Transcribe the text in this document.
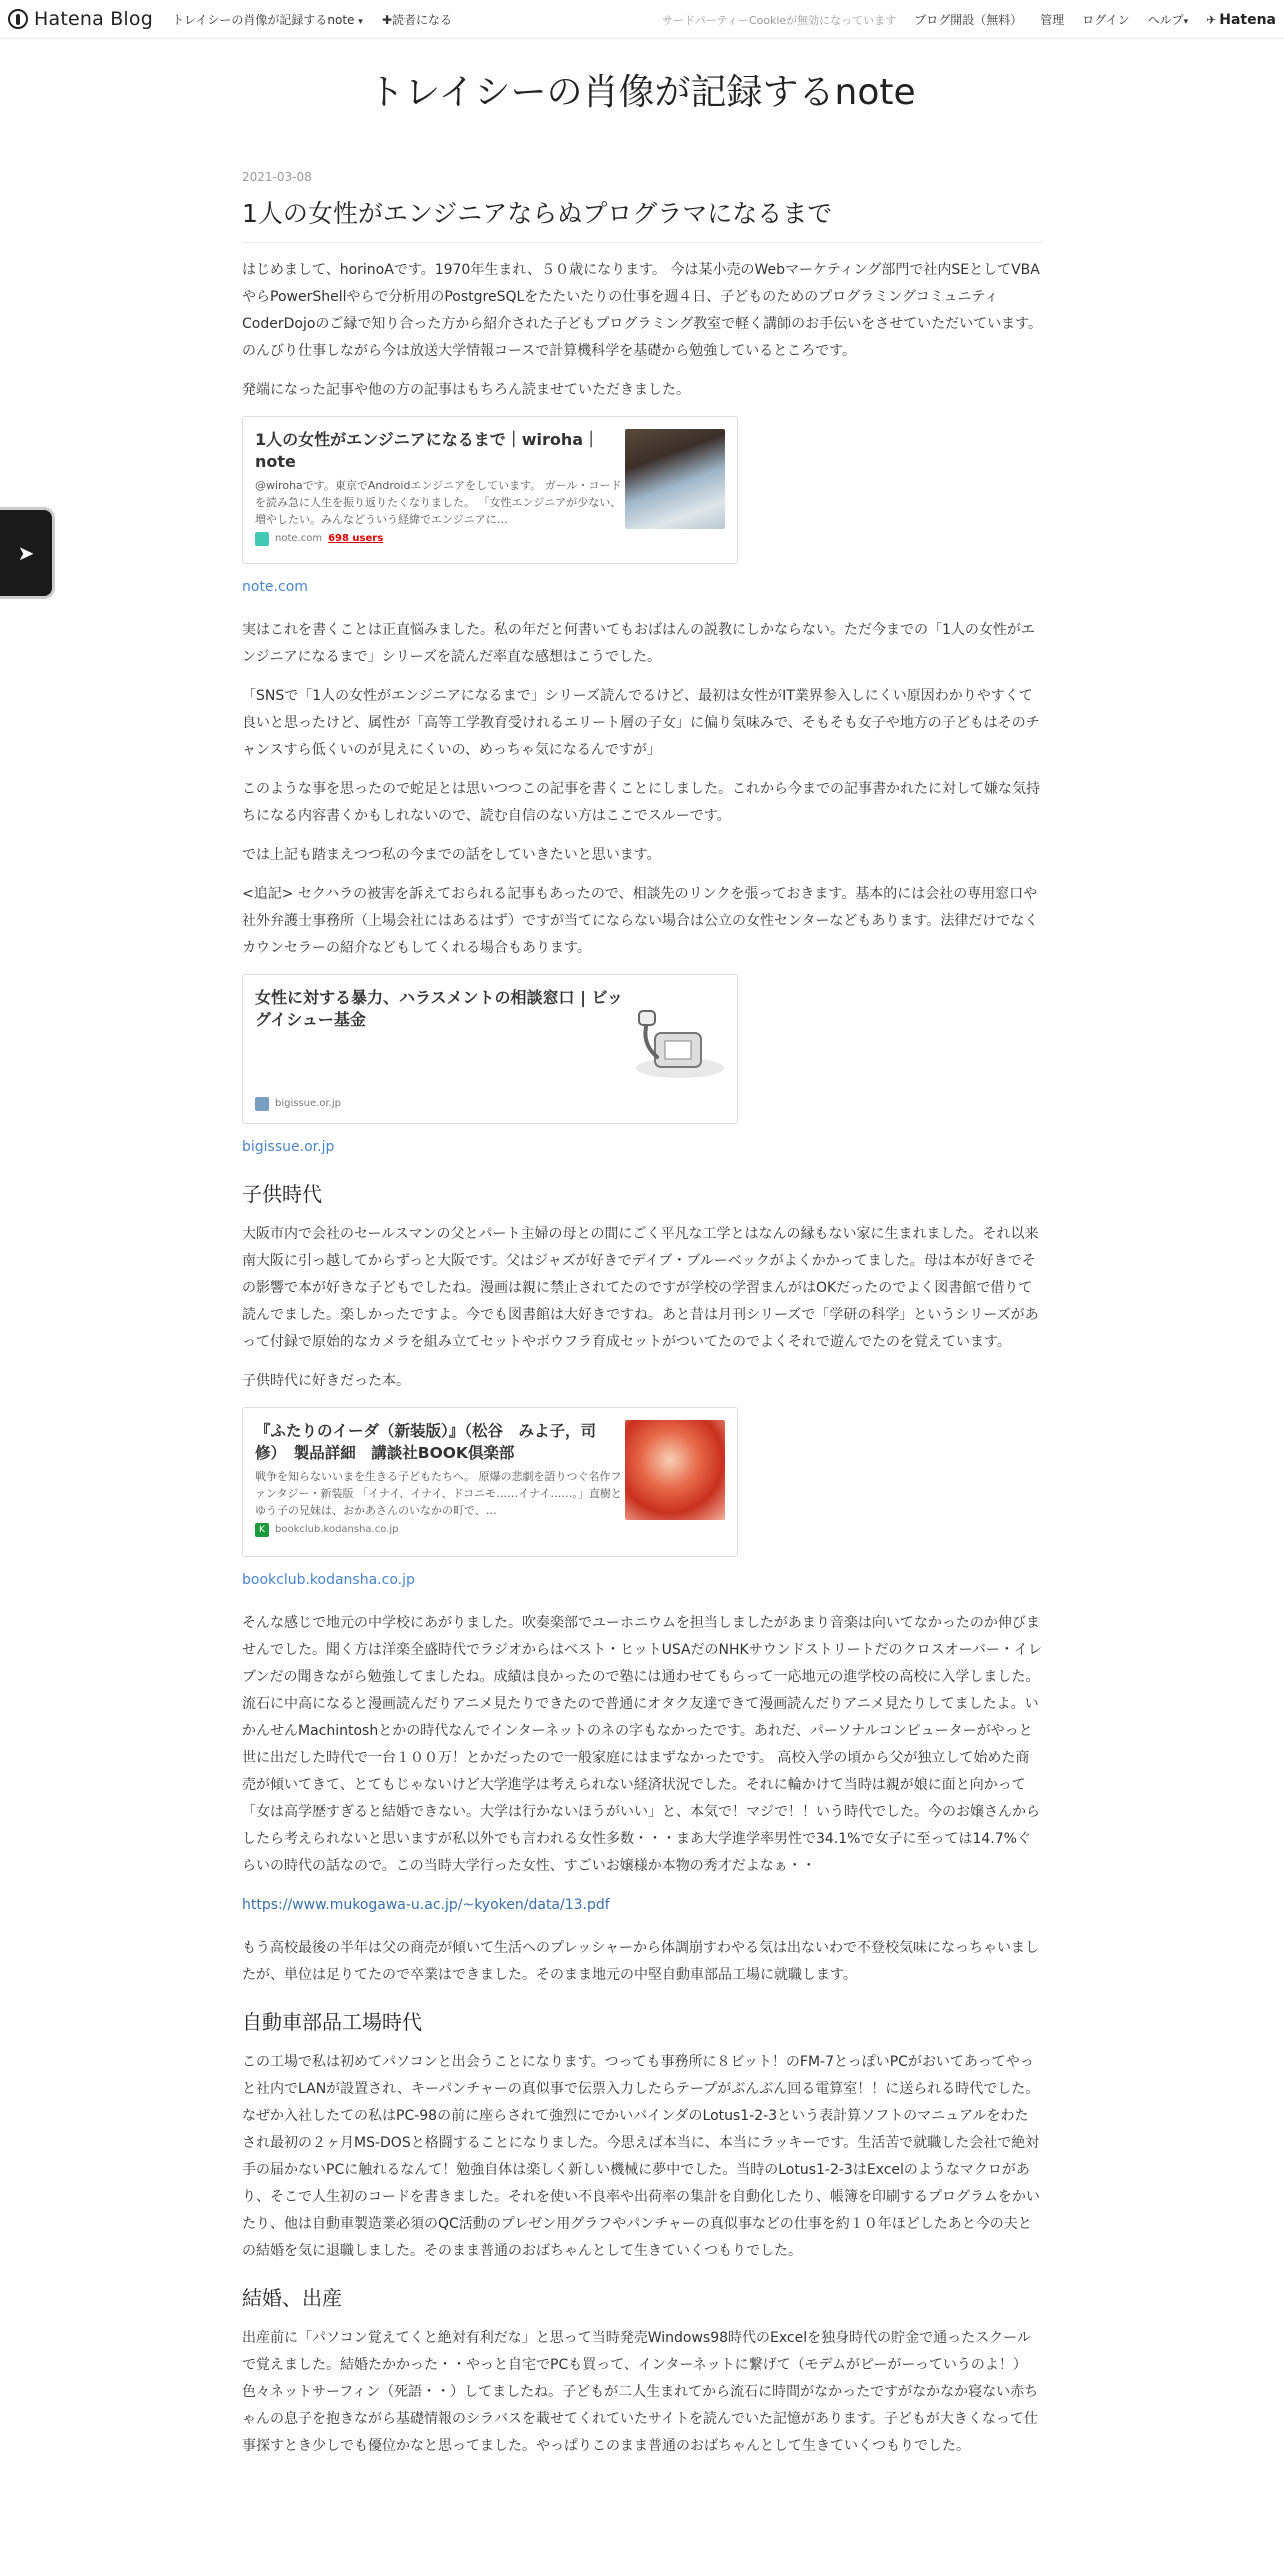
Hatena Blog トレイシーの肖像が記録するnote ▾ ✚読者になる	サードパーティーCookieが無効になっています ブログ開設（無料） 管理 ログイン ヘルプ▾ ✈ Hatena
トレイシーの肖像が記録するnote
➤
2021-03-08
1人の女性がエンジニアならぬプログラマになるまで

はじめまして、horinoAです。1970年生まれ、５０歳になります。 今は某小売のWebマーケティング部門で社内SEとしてVBAやらPowerShellやらで分析用のPostgreSQLをたたいたりの仕事を週４日、子どものためのプログラミングコミュニティCoderDojoのご縁で知り合った方から紹介された子どもプログラミング教室で軽く講師のお手伝いをさせていただいています。のんびり仕事しながら今は放送大学情報コースで計算機科学を基礎から勉強しているところです。

発端になった記事や他の方の記事はもちろん読ませていただきました。

1人の女性がエンジニアになるまで｜wiroha｜note
@wirohaです。東京でAndroidエンジニアをしています。 ガール・コードを読み急に人生を振り返りたくなりました。 「女性エンジニアが少ない、増やしたい。みんなどういう経緯でエンジニアに…
note.com 698 users
note.com

実はこれを書くことは正直悩みました。私の年だと何書いてもおばはんの説教にしかならない。ただ今までの「1人の女性がエンジニアになるまで」シリーズを読んだ率直な感想はこうでした。

「SNSで「1人の女性がエンジニアになるまで」シリーズ読んでるけど、最初は女性がIT業界参入しにくい原因わかりやすくて良いと思ったけど、属性が「高等工学教育受けれるエリート層の子女」に偏り気味みで、そもそも女子や地方の子どもはそのチャンスすら低くいのが見えにくいの、めっちゃ気になるんですが」

このような事を思ったので蛇足とは思いつつこの記事を書くことにしました。これから今までの記事書かれたに対して嫌な気持ちになる内容書くかもしれないので、読む自信のない方はここでスルーです。

では上記も踏まえつつ私の今までの話をしていきたいと思います。

<追記> セクハラの被害を訴えておられる記事もあったので、相談先のリンクを張っておきます。基本的には会社の専用窓口や社外弁護士事務所（上場会社にはあるはず）ですが当てにならない場合は公立の女性センターなどもあります。法律だけでなくカウンセラーの紹介などもしてくれる場合もあります。

女性に対する暴力、ハラスメントの相談窓口 | ビッグイシュー基金
bigissue.or.jp
bigissue.or.jp
子供時代

大阪市内で会社のセールスマンの父とパート主婦の母との間にごく平凡な工学とはなんの縁もない家に生まれました。それ以来南大阪に引っ越してからずっと大阪です。父はジャズが好きでデイブ・ブルーベックがよくかかってました。母は本が好きでその影響で本が好きな子どもでしたね。漫画は親に禁止されてたのですが学校の学習まんがはOKだったのでよく図書館で借りて読んでました。楽しかったですよ。今でも図書館は大好きですね。あと昔は月刊シリーズで「学研の科学」というシリーズがあって付録で原始的なカメラを組み立てセットやボウフラ育成セットがついてたのでよくそれで遊んでたのを覚えています。

子供時代に好きだった本。

『ふたりのイーダ（新装版）』（松谷　みよ子，司　修）　製品詳細　講談社BOOK倶楽部
戦争を知らないいまを生きる子どもたちへ。 原爆の悲劇を語りつぐ名作ファンタジー・新装版 「イナイ、イナイ、ドコニモ……イナイ……。」直樹とゆう子の兄妹は、おかあさんのいなかの町で、…
K	bookclub.kodansha.co.jp
bookclub.kodansha.co.jp

そんな感じで地元の中学校にあがりました。吹奏楽部でユーホニウムを担当しましたがあまり音楽は向いてなかったのか伸びませんでした。聞く方は洋楽全盛時代でラジオからはベスト・ヒットUSAだのNHKサウンドストリートだのクロスオーバー・イレブンだの聞きながら勉強してましたね。成績は良かったので塾には通わせてもらって一応地元の進学校の高校に入学しました。流石に中高になると漫画読んだりアニメ見たりできたので普通にオタク友達できて漫画読んだりアニメ見たりしてましたよ。いかんせんMachintoshとかの時代なんでインターネットのネの字もなかったです。あれだ、パーソナルコンピューターがやっと世に出だした時代で一台１００万！とかだったので一般家庭にはまずなかったです。 高校入学の頃から父が独立して始めた商売が傾いてきて、とてもじゃないけど大学進学は考えられない経済状況でした。それに輪かけて当時は親が娘に面と向かって「女は高学歴すぎると結婚できない。大学は行かないほうがいい」と、本気で！マジで！！いう時代でした。今のお嬢さんからしたら考えられないと思いますが私以外でも言われる女性多数・・・まあ大学進学率男性で34.1%で女子に至っては14.7%ぐらいの時代の話なので。この当時大学行った女性、すごいお嬢様か本物の秀才だよなぁ・・

https://www.mukogawa-u.ac.jp/~kyoken/data/13.pdf

もう高校最後の半年は父の商売が傾いて生活へのプレッシャーから体調崩すわやる気は出ないわで不登校気味になっちゃいましたが、単位は足りてたので卒業はできました。そのまま地元の中堅自動車部品工場に就職します。

自動車部品工場時代

この工場で私は初めてパソコンと出会うことになります。つっても事務所に８ビット！のFM-7とっぽいPCがおいてあってやっと社内でLANが設置され、キーパンチャーの真似事で伝票入力したらテープがぶんぶん回る電算室！！に送られる時代でした。なぜか入社したての私はPC-98の前に座らされて強烈にでかいバインダのLotus1-2-3という表計算ソフトのマニュアルをわたされ最初の２ヶ月MS-DOSと格闘することになりました。今思えば本当に、本当にラッキーです。生活苦で就職した会社で絶対手の届かないPCに触れるなんて！勉強自体は楽しく新しい機械に夢中でした。当時のLotus1-2-3はExcelのようなマクロがあり、そこで人生初のコードを書きました。それを使い不良率や出荷率の集計を自動化したり、帳簿を印刷するプログラムをかいたり、他は自動車製造業必須のQC活動のプレゼン用グラフやパンチャーの真似事などの仕事を約１０年ほどしたあと今の夫との結婚を気に退職しました。そのまま普通のおばちゃんとして生きていくつもりでした。

結婚、出産

出産前に「パソコン覚えてくと絶対有利だな」と思って当時発売Windows98時代のExcelを独身時代の貯金で通ったスクールで覚えました。結婚たかかった・・やっと自宅でPCも買って、インターネットに繋げて（モデムがピーがーっていうのよ！）色々ネットサーフィン（死語・・）してましたね。子どもが二人生まれてから流石に時間がなかったですがなかなか寝ない赤ちゃんの息子を抱きながら基礎情報のシラバスを載せてくれていたサイトを読んでいた記憶があります。子どもが大きくなって仕事探すとき少しでも優位かなと思ってました。やっぱりこのまま普通のおばちゃんとして生きていくつもりでした。
